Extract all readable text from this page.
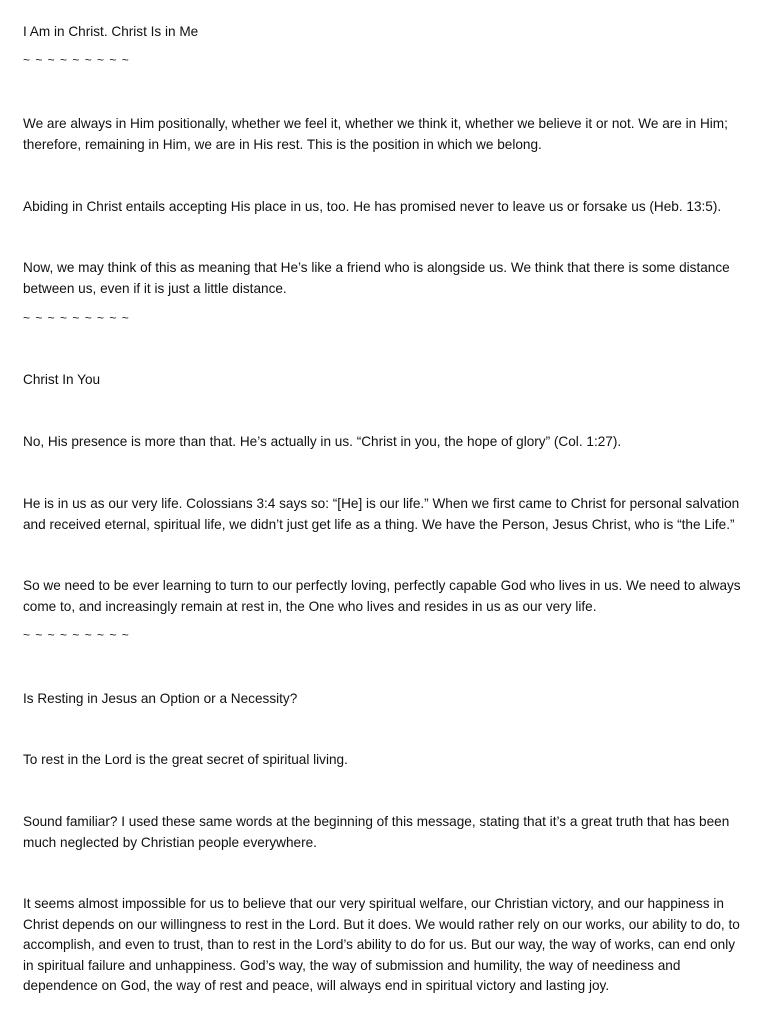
I Am in Christ. Christ Is in Me

~ ~ ~ ~ ~ ~ ~ ~ ~

We are always in Him positionally, whether we feel it, whether we think it, whether we believe it or not. We are in Him; therefore, remaining in Him, we are in His rest. This is the position in which we belong.

Abiding in Christ entails accepting His place in us, too. He has promised never to leave us or forsake us (Heb. 13:5).

Now, we may think of this as meaning that He’s like a friend who is alongside us. We think that there is some distance between us, even if it is just a little distance.

~ ~ ~ ~ ~ ~ ~ ~ ~

Christ In You

No, His presence is more than that. He’s actually in us. “Christ in you, the hope of glory” (Col. 1:27).

He is in us as our very life. Colossians 3:4 says so: “[He] is our life.” When we first came to Christ for personal salvation and received eternal, spiritual life, we didn’t just get life as a thing. We have the Person, Jesus Christ, who is “the Life.”

So we need to be ever learning to turn to our perfectly loving, perfectly capable God who lives in us. We need to always come to, and increasingly remain at rest in, the One who lives and resides in us as our very life.

~ ~ ~ ~ ~ ~ ~ ~ ~

Is Resting in Jesus an Option or a Necessity?

To rest in the Lord is the great secret of spiritual living.

Sound familiar? I used these same words at the beginning of this message, stating that it’s a great truth that has been much neglected by Christian people everywhere.

It seems almost impossible for us to believe that our very spiritual welfare, our Christian victory, and our happiness in Christ depends on our willingness to rest in the Lord. But it does. We would rather rely on our works, our ability to do, to accomplish, and even to trust, than to rest in the Lord’s ability to do for us. But our way, the way of works, can end only in spiritual failure and unhappiness. God’s way, the way of submission and humility, the way of neediness and dependence on God, the way of rest and peace, will always end in spiritual victory and lasting joy.
